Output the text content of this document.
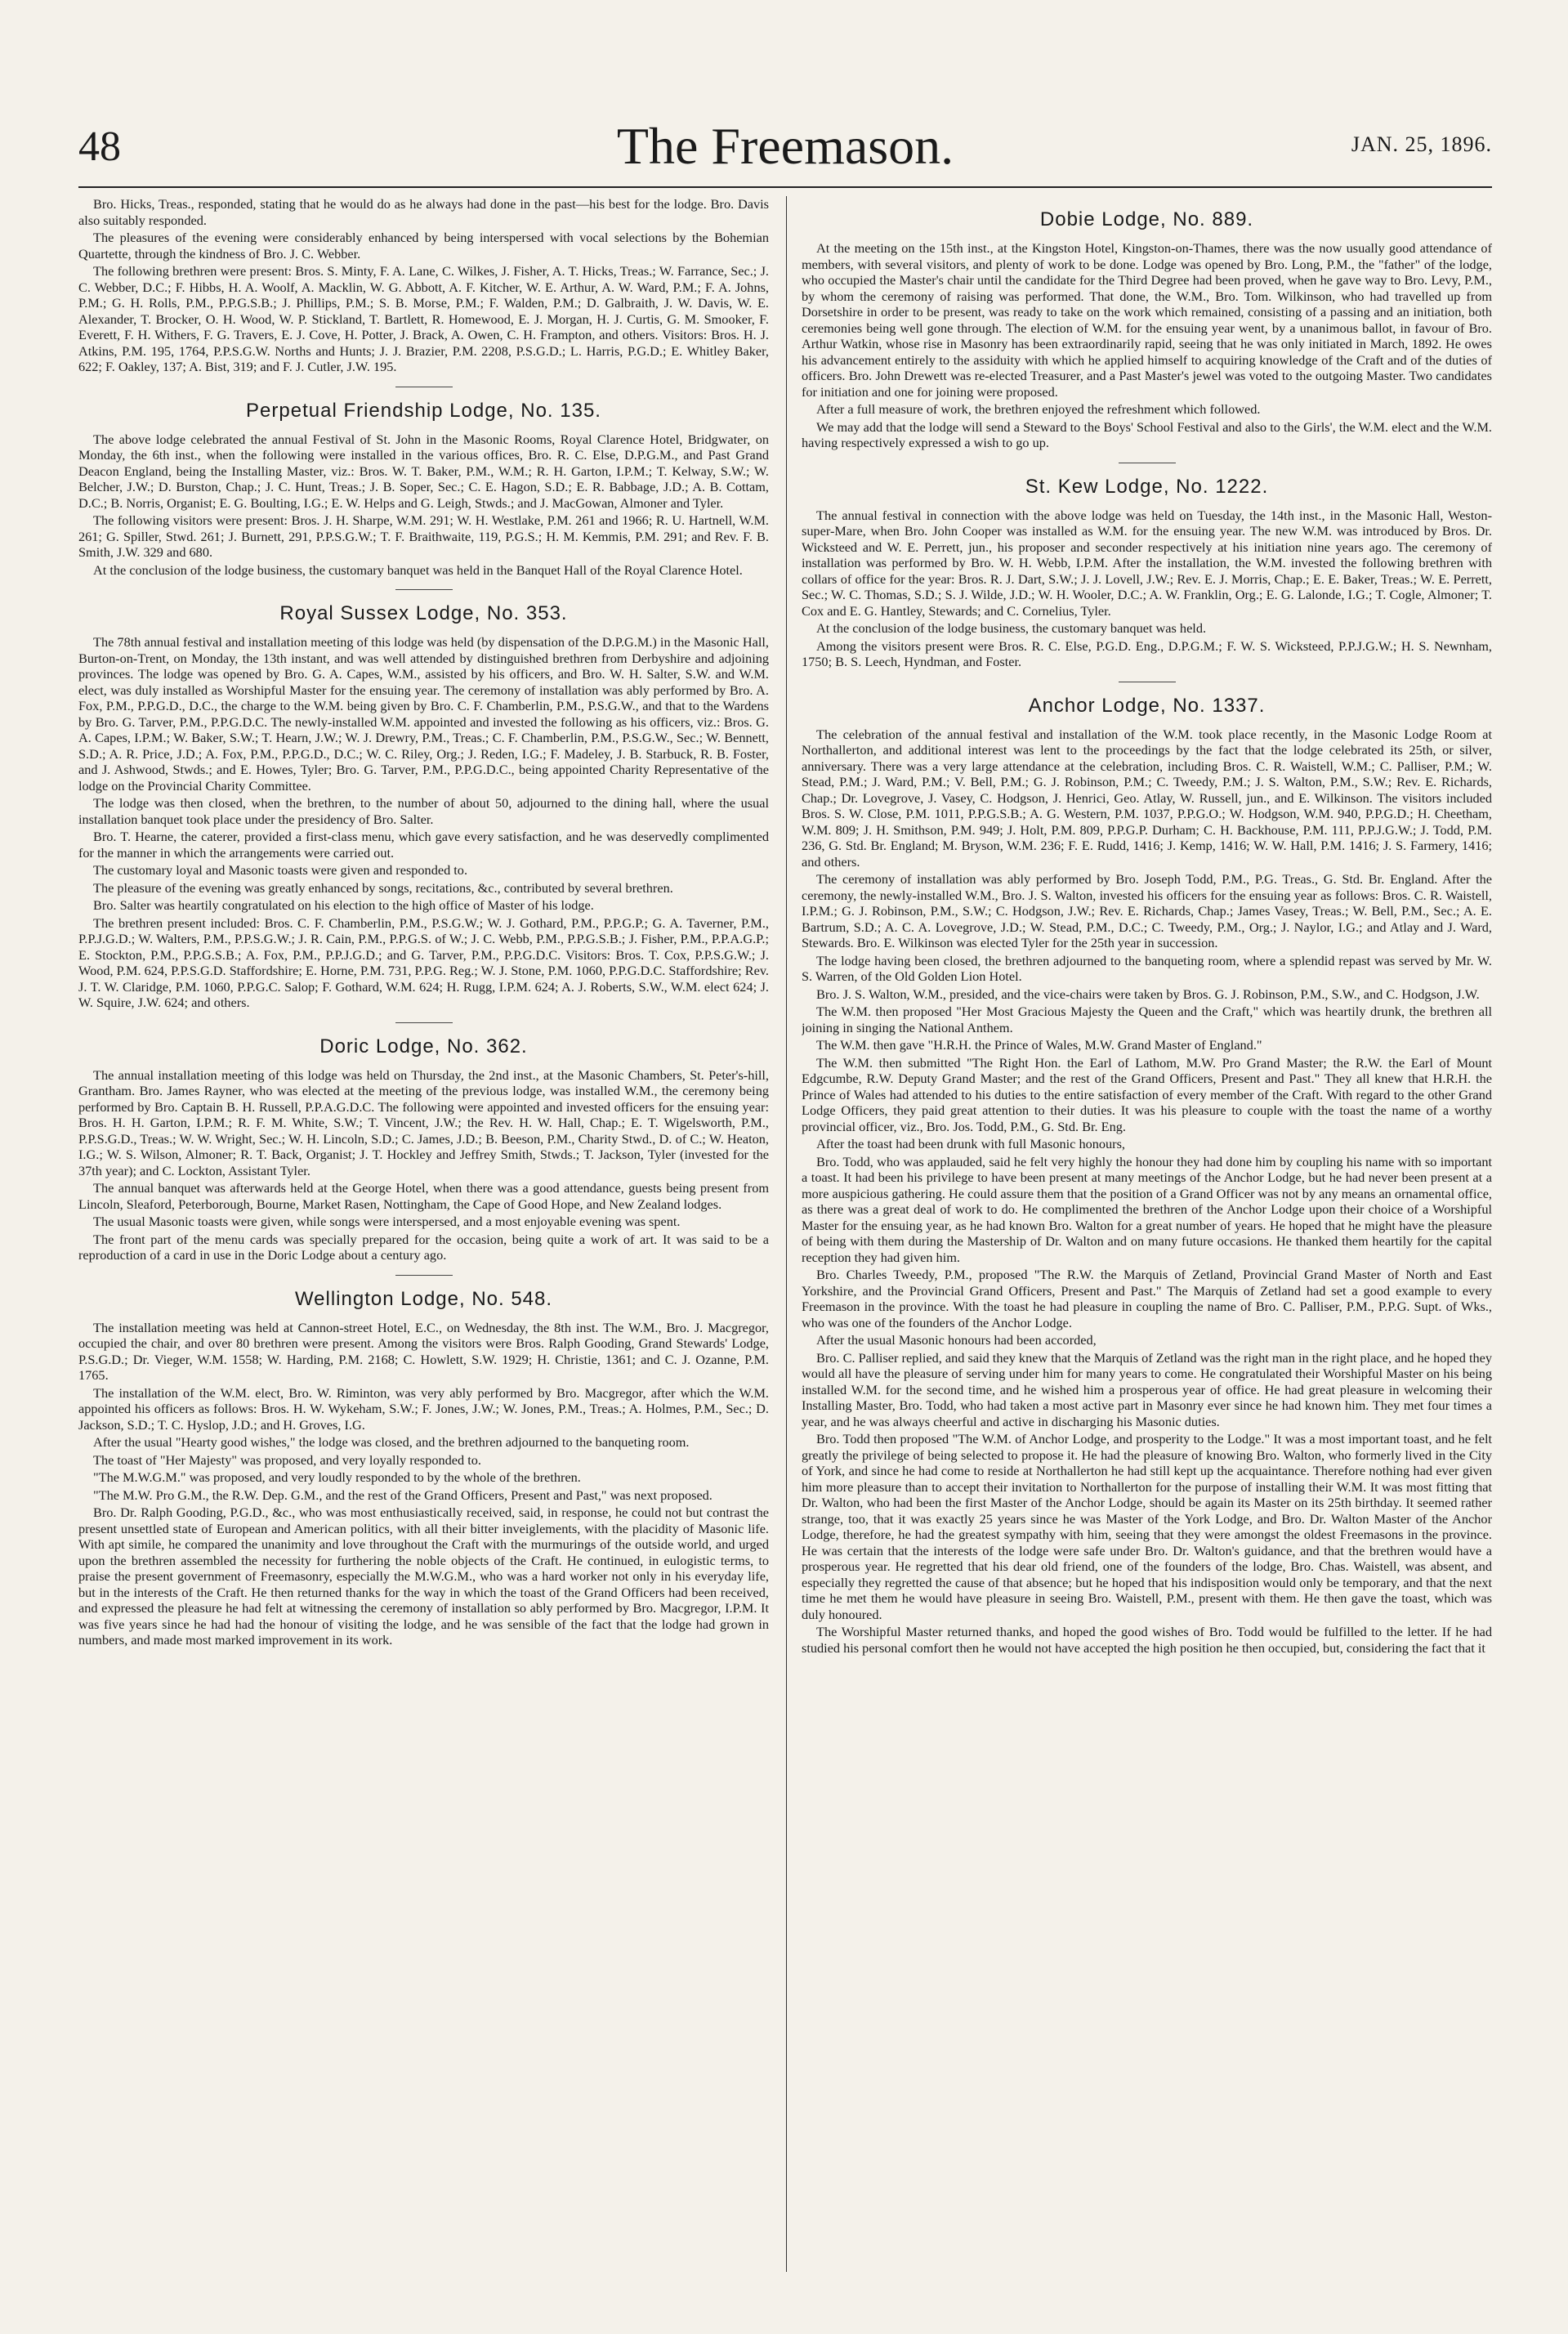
48	The Freemason.	JAN. 25, 1896.

Bro. Hicks, Treas., responded, stating that he would do as he always had done in the past—his best for the lodge. Bro. Davis also suitably responded.

The pleasures of the evening were considerably enhanced by being interspersed with vocal selections by the Bohemian Quartette, through the kindness of Bro. J. C. Webber.

The following brethren were present: Bros. S. Minty, F. A. Lane, C. Wilkes, J. Fisher, A. T. Hicks, Treas.; W. Farrance, Sec.; J. C. Webber, D.C.; F. Hibbs, H. A. Woolf, A. Macklin, W. G. Abbott, A. F. Kitcher, W. E. Arthur, A. W. Ward, P.M.; F. A. Johns, P.M.; G. H. Rolls, P.M., P.P.G.S.B.; J. Phillips, P.M.; S. B. Morse, P.M.; F. Walden, P.M.; D. Galbraith, J. W. Davis, W. E. Alexander, T. Brocker, O. H. Wood, W. P. Stickland, T. Bartlett, R. Homewood, E. J. Morgan, H. J. Curtis, G. M. Smooker, F. Everett, F. H. Withers, F. G. Travers, E. J. Cove, H. Potter, J. Brack, A. Owen, C. H. Frampton, and others. Visitors: Bros. H. J. Atkins, P.M. 195, 1764, P.P.S.G.W. Norths and Hunts; J. J. Brazier, P.M. 2208, P.S.G.D.; L. Harris, P.G.D.; E. Whitley Baker, 622; F. Oakley, 137; A. Bist, 319; and F. J. Cutler, J.W. 195.

Perpetual Friendship Lodge, No. 135.

The above lodge celebrated the annual Festival of St. John in the Masonic Rooms, Royal Clarence Hotel, Bridgwater, on Monday, the 6th inst., when the following were installed in the various offices, Bro. R. C. Else, D.P.G.M., and Past Grand Deacon England, being the Installing Master, viz.: Bros. W. T. Baker, P.M., W.M.; R. H. Garton, I.P.M.; T. Kelway, S.W.; W. Belcher, J.W.; D. Burston, Chap.; J. C. Hunt, Treas.; J. B. Soper, Sec.; C. E. Hagon, S.D.; E. R. Babbage, J.D.; A. B. Cottam, D.C.; B. Norris, Organist; E. G. Boulting, I.G.; E. W. Helps and G. Leigh, Stwds.; and J. MacGowan, Almoner and Tyler.

The following visitors were present: Bros. J. H. Sharpe, W.M. 291; W. H. Westlake, P.M. 261 and 1966; R. U. Hartnell, W.M. 261; G. Spiller, Stwd. 261; J. Burnett, 291, P.P.S.G.W.; T. F. Braithwaite, 119, P.G.S.; H. M. Kemmis, P.M. 291; and Rev. F. B. Smith, J.W. 329 and 680.

At the conclusion of the lodge business, the customary banquet was held in the Banquet Hall of the Royal Clarence Hotel.

Royal Sussex Lodge, No. 353.

The 78th annual festival and installation meeting of this lodge was held (by dispensation of the D.P.G.M.) in the Masonic Hall, Burton-on-Trent, on Monday, the 13th instant, and was well attended by distinguished brethren from Derbyshire and adjoining provinces. The lodge was opened by Bro. G. A. Capes, W.M., assisted by his officers, and Bro. W. H. Salter, S.W. and W.M. elect, was duly installed as Worshipful Master for the ensuing year. The ceremony of installation was ably performed by Bro. A. Fox, P.M., P.P.G.D., D.C., the charge to the W.M. being given by Bro. C. F. Chamberlin, P.M., P.S.G.W., and that to the Wardens by Bro. G. Tarver, P.M., P.P.G.D.C. The newly-installed W.M. appointed and invested the following as his officers, viz.: Bros. G. A. Capes, I.P.M.; W. Baker, S.W.; T. Hearn, J.W.; W. J. Drewry, P.M., Treas.; C. F. Chamberlin, P.M., P.S.G.W., Sec.; W. Bennett, S.D.; A. R. Price, J.D.; A. Fox, P.M., P.P.G.D., D.C.; W. C. Riley, Org.; J. Reden, I.G.; F. Madeley, J. B. Starbuck, R. B. Foster, and J. Ashwood, Stwds.; and E. Howes, Tyler; Bro. G. Tarver, P.M., P.P.G.D.C., being appointed Charity Representative of the lodge on the Provincial Charity Committee.

The lodge was then closed, when the brethren, to the number of about 50, adjourned to the dining hall, where the usual installation banquet took place under the presidency of Bro. Salter.

Bro. T. Hearne, the caterer, provided a first-class menu, which gave every satisfaction, and he was deservedly complimented for the manner in which the arrangements were carried out.

The customary loyal and Masonic toasts were given and responded to.

The pleasure of the evening was greatly enhanced by songs, recitations, &c., contributed by several brethren.

Bro. Salter was heartily congratulated on his election to the high office of Master of his lodge.

The brethren present included: Bros. C. F. Chamberlin, P.M., P.S.G.W.; W. J. Gothard, P.M., P.P.G.P.; G. A. Taverner, P.M., P.P.J.G.D.; W. Walters, P.M., P.P.S.G.W.; J. R. Cain, P.M., P.P.G.S. of W.; J. C. Webb, P.M., P.P.G.S.B.; J. Fisher, P.M., P.P.A.G.P.; E. Stockton, P.M., P.P.G.S.B.; A. Fox, P.M., P.P.J.G.D.; and G. Tarver, P.M., P.P.G.D.C. Visitors: Bros. T. Cox, P.P.S.G.W.; J. Wood, P.M. 624, P.P.S.G.D. Staffordshire; E. Horne, P.M. 731, P.P.G. Reg.; W. J. Stone, P.M. 1060, P.P.G.D.C. Staffordshire; Rev. J. T. W. Claridge, P.M. 1060, P.P.G.C. Salop; F. Gothard, W.M. 624; H. Rugg, I.P.M. 624; A. J. Roberts, S.W., W.M. elect 624; J. W. Squire, J.W. 624; and others.

Doric Lodge, No. 362.

The annual installation meeting of this lodge was held on Thursday, the 2nd inst., at the Masonic Chambers, St. Peter's-hill, Grantham. Bro. James Rayner, who was elected at the meeting of the previous lodge, was installed W.M., the ceremony being performed by Bro. Captain B. H. Russell, P.P.A.G.D.C. The following were appointed and invested officers for the ensuing year: Bros. H. H. Garton, I.P.M.; R. F. M. White, S.W.; T. Vincent, J.W.; the Rev. H. W. Hall, Chap.; E. T. Wigelsworth, P.M., P.P.S.G.D., Treas.; W. W. Wright, Sec.; W. H. Lincoln, S.D.; C. James, J.D.; B. Beeson, P.M., Charity Stwd., D. of C.; W. Heaton, I.G.; W. S. Wilson, Almoner; R. T. Back, Organist; J. T. Hockley and Jeffrey Smith, Stwds.; T. Jackson, Tyler (invested for the 37th year); and C. Lockton, Assistant Tyler.

The annual banquet was afterwards held at the George Hotel, when there was a good attendance, guests being present from Lincoln, Sleaford, Peterborough, Bourne, Market Rasen, Nottingham, the Cape of Good Hope, and New Zealand lodges.

The usual Masonic toasts were given, while songs were interspersed, and a most enjoyable evening was spent.

The front part of the menu cards was specially prepared for the occasion, being quite a work of art. It was said to be a reproduction of a card in use in the Doric Lodge about a century ago.

Wellington Lodge, No. 548.

The installation meeting was held at Cannon-street Hotel, E.C., on Wednesday, the 8th inst. The W.M., Bro. J. Macgregor, occupied the chair, and over 80 brethren were present. Among the visitors were Bros. Ralph Gooding, Grand Stewards' Lodge, P.S.G.D.; Dr. Vieger, W.M. 1558; W. Harding, P.M. 2168; C. Howlett, S.W. 1929; H. Christie, 1361; and C. J. Ozanne, P.M. 1765.

The installation of the W.M. elect, Bro. W. Riminton, was very ably performed by Bro. Macgregor, after which the W.M. appointed his officers as follows: Bros. H. W. Wykeham, S.W.; F. Jones, J.W.; W. Jones, P.M., Treas.; A. Holmes, P.M., Sec.; D. Jackson, S.D.; T. C. Hyslop, J.D.; and H. Groves, I.G.

After the usual "Hearty good wishes," the lodge was closed, and the brethren adjourned to the banqueting room.

The toast of "Her Majesty" was proposed, and very loyally responded to.

"The M.W.G.M." was proposed, and very loudly responded to by the whole of the brethren.

"The M.W. Pro G.M., the R.W. Dep. G.M., and the rest of the Grand Officers, Present and Past," was next proposed.

Bro. Dr. Ralph Gooding, P.G.D., &c., who was most enthusiastically received, said, in response, he could not but contrast the present unsettled state of European and American politics, with all their bitter inveiglements, with the placidity of Masonic life. With apt simile, he compared the unanimity and love throughout the Craft with the murmurings of the outside world, and urged upon the brethren assembled the necessity for furthering the noble objects of the Craft. He continued, in eulogistic terms, to praise the present government of Freemasonry, especially the M.W.G.M., who was a hard worker not only in his everyday life, but in the interests of the Craft. He then returned thanks for the way in which the toast of the Grand Officers had been received, and expressed the pleasure he had felt at witnessing the ceremony of installation so ably performed by Bro. Macgregor, I.P.M. It was five years since he had had the honour of visiting the lodge, and he was sensible of the fact that the lodge had grown in numbers, and made most marked improvement in its work.

Dobie Lodge, No. 889.

At the meeting on the 15th inst., at the Kingston Hotel, Kingston-on-Thames, there was the now usually good attendance of members, with several visitors, and plenty of work to be done. Lodge was opened by Bro. Long, P.M., the "father" of the lodge, who occupied the Master's chair until the candidate for the Third Degree had been proved, when he gave way to Bro. Levy, P.M., by whom the ceremony of raising was performed. That done, the W.M., Bro. Tom. Wilkinson, who had travelled up from Dorsetshire in order to be present, was ready to take on the work which remained, consisting of a passing and an initiation, both ceremonies being well gone through. The election of W.M. for the ensuing year went, by a unanimous ballot, in favour of Bro. Arthur Watkin, whose rise in Masonry has been extraordinarily rapid, seeing that he was only initiated in March, 1892. He owes his advancement entirely to the assiduity with which he applied himself to acquiring knowledge of the Craft and of the duties of officers. Bro. John Drewett was re-elected Treasurer, and a Past Master's jewel was voted to the outgoing Master. Two candidates for initiation and one for joining were proposed.

After a full measure of work, the brethren enjoyed the refreshment which followed.

We may add that the lodge will send a Steward to the Boys' School Festival and also to the Girls', the W.M. elect and the W.M. having respectively expressed a wish to go up.

St. Kew Lodge, No. 1222.

The annual festival in connection with the above lodge was held on Tuesday, the 14th inst., in the Masonic Hall, Weston-super-Mare, when Bro. John Cooper was installed as W.M. for the ensuing year. The new W.M. was introduced by Bros. Dr. Wicksteed and W. E. Perrett, jun., his proposer and seconder respectively at his initiation nine years ago. The ceremony of installation was performed by Bro. W. H. Webb, I.P.M. After the installation, the W.M. invested the following brethren with collars of office for the year: Bros. R. J. Dart, S.W.; J. J. Lovell, J.W.; Rev. E. J. Morris, Chap.; E. E. Baker, Treas.; W. E. Perrett, Sec.; W. C. Thomas, S.D.; S. J. Wilde, J.D.; W. H. Wooler, D.C.; A. W. Franklin, Org.; E. G. Lalonde, I.G.; T. Cogle, Almoner; T. Cox and E. G. Hantley, Stewards; and C. Cornelius, Tyler.

At the conclusion of the lodge business, the customary banquet was held.

Among the visitors present were Bros. R. C. Else, P.G.D. Eng., D.P.G.M.; F. W. S. Wicksteed, P.P.J.G.W.; H. S. Newnham, 1750; B. S. Leech, Hyndman, and Foster.

Anchor Lodge, No. 1337.

The celebration of the annual festival and installation of the W.M. took place recently, in the Masonic Lodge Room at Northallerton, and additional interest was lent to the proceedings by the fact that the lodge celebrated its 25th, or silver, anniversary. There was a very large attendance at the celebration, including Bros. C. R. Waistell, W.M.; C. Palliser, P.M.; W. Stead, P.M.; J. Ward, P.M.; V. Bell, P.M.; G. J. Robinson, P.M.; C. Tweedy, P.M.; J. S. Walton, P.M., S.W.; Rev. E. Richards, Chap.; Dr. Lovegrove, J. Vasey, C. Hodgson, J. Henrici, Geo. Atlay, W. Russell, jun., and E. Wilkinson. The visitors included Bros. S. W. Close, P.M. 1011, P.P.G.S.B.; A. G. Western, P.M. 1037, P.P.G.O.; W. Hodgson, W.M. 940, P.P.G.D.; H. Cheetham, W.M. 809; J. H. Smithson, P.M. 949; J. Holt, P.M. 809, P.P.G.P. Durham; C. H. Backhouse, P.M. 111, P.P.J.G.W.; J. Todd, P.M. 236, G. Std. Br. England; M. Bryson, W.M. 236; F. E. Rudd, 1416; J. Kemp, 1416; W. W. Hall, P.M. 1416; J. S. Farmery, 1416; and others.

The ceremony of installation was ably performed by Bro. Joseph Todd, P.M., P.G. Treas., G. Std. Br. England. After the ceremony, the newly-installed W.M., Bro. J. S. Walton, invested his officers for the ensuing year as follows: Bros. C. R. Waistell, I.P.M.; G. J. Robinson, P.M., S.W.; C. Hodgson, J.W.; Rev. E. Richards, Chap.; James Vasey, Treas.; W. Bell, P.M., Sec.; A. E. Bartrum, S.D.; A. C. A. Lovegrove, J.D.; W. Stead, P.M., D.C.; C. Tweedy, P.M., Org.; J. Naylor, I.G.; and Atlay and J. Ward, Stewards. Bro. E. Wilkinson was elected Tyler for the 25th year in succession.

The lodge having been closed, the brethren adjourned to the banqueting room, where a splendid repast was served by Mr. W. S. Warren, of the Old Golden Lion Hotel.

Bro. J. S. Walton, W.M., presided, and the vice-chairs were taken by Bros. G. J. Robinson, P.M., S.W., and C. Hodgson, J.W.

The W.M. then proposed "Her Most Gracious Majesty the Queen and the Craft," which was heartily drunk, the brethren all joining in singing the National Anthem.

The W.M. then gave "H.R.H. the Prince of Wales, M.W. Grand Master of England."

The W.M. then submitted "The Right Hon. the Earl of Lathom, M.W. Pro Grand Master; the R.W. the Earl of Mount Edgcumbe, R.W. Deputy Grand Master; and the rest of the Grand Officers, Present and Past." They all knew that H.R.H. the Prince of Wales had attended to his duties to the entire satisfaction of every member of the Craft. With regard to the other Grand Lodge Officers, they paid great attention to their duties. It was his pleasure to couple with the toast the name of a worthy provincial officer, viz., Bro. Jos. Todd, P.M., G. Std. Br. Eng.

After the toast had been drunk with full Masonic honours,

Bro. Todd, who was applauded, said he felt very highly the honour they had done him by coupling his name with so important a toast. It had been his privilege to have been present at many meetings of the Anchor Lodge, but he had never been present at a more auspicious gathering. He could assure them that the position of a Grand Officer was not by any means an ornamental office, as there was a great deal of work to do. He complimented the brethren of the Anchor Lodge upon their choice of a Worshipful Master for the ensuing year, as he had known Bro. Walton for a great number of years. He hoped that he might have the pleasure of being with them during the Mastership of Dr. Walton and on many future occasions. He thanked them heartily for the capital reception they had given him.

Bro. Charles Tweedy, P.M., proposed "The R.W. the Marquis of Zetland, Provincial Grand Master of North and East Yorkshire, and the Provincial Grand Officers, Present and Past." The Marquis of Zetland had set a good example to every Freemason in the province. With the toast he had pleasure in coupling the name of Bro. C. Palliser, P.M., P.P.G. Supt. of Wks., who was one of the founders of the Anchor Lodge.

After the usual Masonic honours had been accorded,

Bro. C. Palliser replied, and said they knew that the Marquis of Zetland was the right man in the right place, and he hoped they would all have the pleasure of serving under him for many years to come. He congratulated their Worshipful Master on his being installed W.M. for the second time, and he wished him a prosperous year of office. He had great pleasure in welcoming their Installing Master, Bro. Todd, who had taken a most active part in Masonry ever since he had known him. They met four times a year, and he was always cheerful and active in discharging his Masonic duties.

Bro. Todd then proposed "The W.M. of Anchor Lodge, and prosperity to the Lodge." It was a most important toast, and he felt greatly the privilege of being selected to propose it. He had the pleasure of knowing Bro. Walton, who formerly lived in the City of York, and since he had come to reside at Northallerton he had still kept up the acquaintance. Therefore nothing had ever given him more pleasure than to accept their invitation to Northallerton for the purpose of installing their W.M. It was most fitting that Dr. Walton, who had been the first Master of the Anchor Lodge, should be again its Master on its 25th birthday. It seemed rather strange, too, that it was exactly 25 years since he was Master of the York Lodge, and Bro. Dr. Walton Master of the Anchor Lodge, therefore, he had the greatest sympathy with him, seeing that they were amongst the oldest Freemasons in the province. He was certain that the interests of the lodge were safe under Bro. Dr. Walton's guidance, and that the brethren would have a prosperous year. He regretted that his dear old friend, one of the founders of the lodge, Bro. Chas. Waistell, was absent, and especially they regretted the cause of that absence; but he hoped that his indisposition would only be temporary, and that the next time he met them he would have pleasure in seeing Bro. Waistell, P.M., present with them. He then gave the toast, which was duly honoured.

The Worshipful Master returned thanks, and hoped the good wishes of Bro. Todd would be fulfilled to the letter. If he had studied his personal comfort then he would not have accepted the high position he then occupied, but, considering the fact that it
